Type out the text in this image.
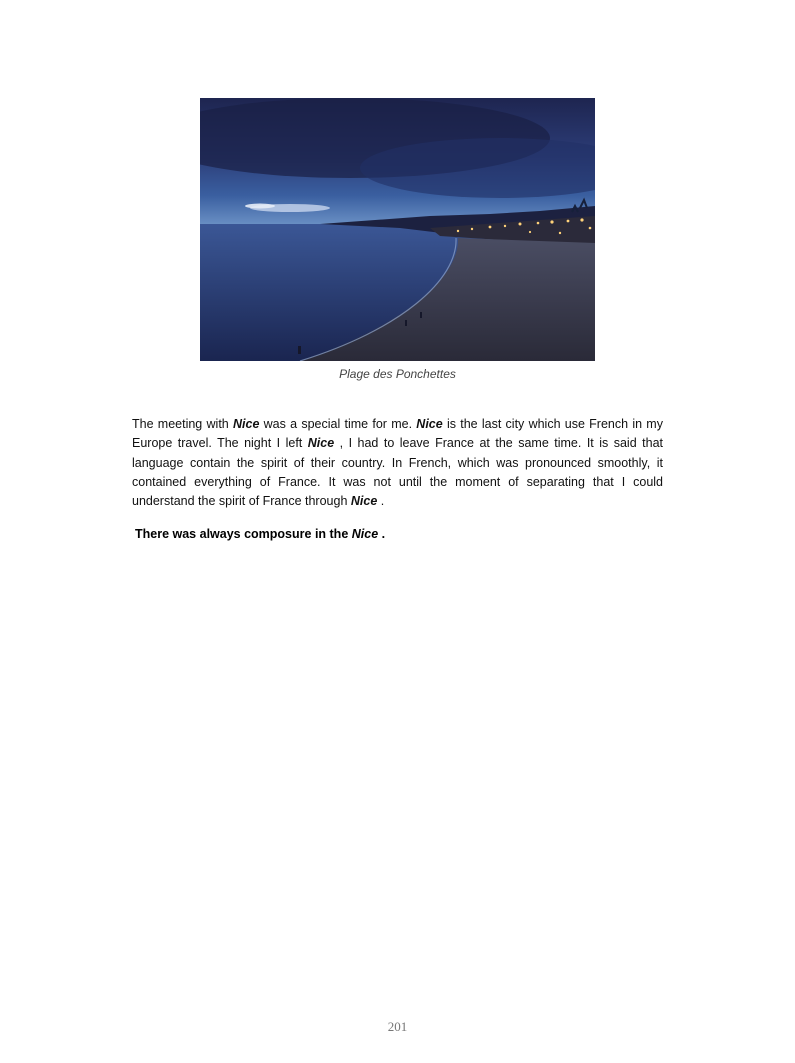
Plage des Ponchettes

The meeting with Nice was a special time for me. Nice is the last city which use French in my Europe travel. The night I left Nice , I had to leave France at the same time. It is said that language contain the spirit of their country. In French, which was pronounced smoothly, it contained everything of France. It was not until the moment of separating that I could understand the spirit of France through Nice .

There was always composure in the Nice .

201
